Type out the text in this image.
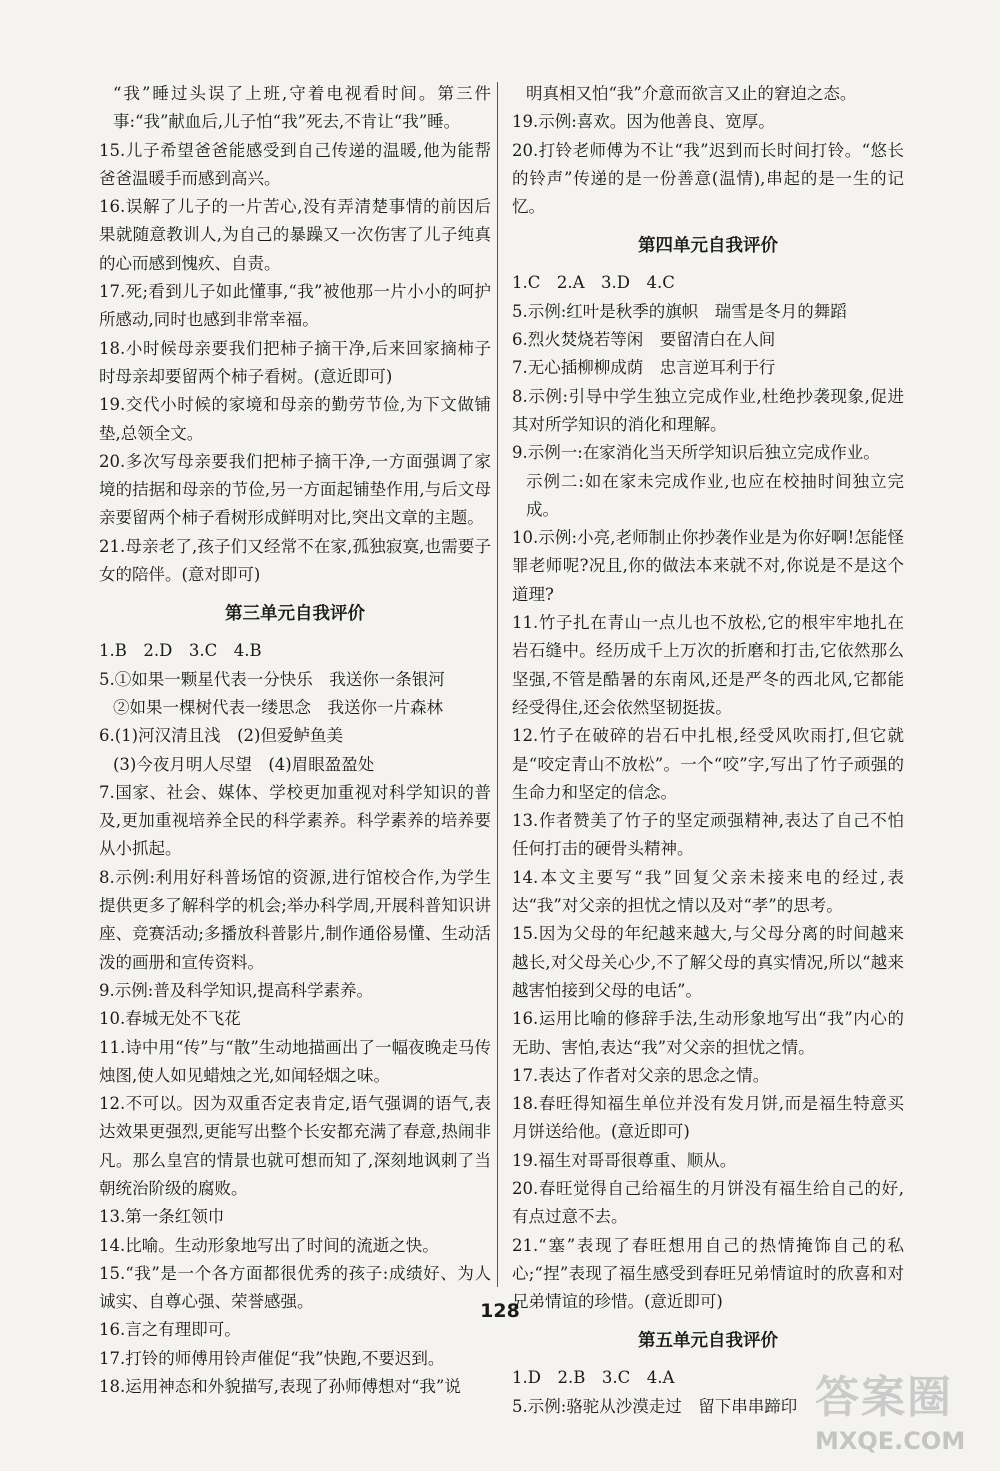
“我”睡过头误了上班,守着电视看时间。第三件事:“我”献血后,儿子怕“我”死去,不肯让“我”睡。

15.儿子希望爸爸能感受到自己传递的温暖,他为能帮爸爸温暖手而感到高兴。

16.误解了儿子的一片苦心,没有弄清楚事情的前因后果就随意教训人,为自己的暴躁又一次伤害了儿子纯真的心而感到愧疚、自责。

17.死;看到儿子如此懂事,“我”被他那一片小小的呵护所感动,同时也感到非常幸福。

18.小时候母亲要我们把柿子摘干净,后来回家摘柿子时母亲却要留两个柿子看树。(意近即可)

19.交代小时候的家境和母亲的勤劳节俭,为下文做铺垫,总领全文。

20.多次写母亲要我们把柿子摘干净,一方面强调了家境的拮据和母亲的节俭,另一方面起铺垫作用,与后文母亲要留两个柿子看树形成鲜明对比,突出文章的主题。

21.母亲老了,孩子们又经常不在家,孤独寂寞,也需要子女的陪伴。(意对即可)

第三单元自我评价

1.B　2.D　3.C　4.B

5.①如果一颗星代表一分快乐　我送你一条银河

②如果一棵树代表一缕思念　我送你一片森林

6.(1)河汉清且浅　(2)但爱鲈鱼美

(3)今夜月明人尽望　(4)眉眼盈盈处

7.国家、社会、媒体、学校更加重视对科学知识的普及,更加重视培养全民的科学素养。科学素养的培养要从小抓起。

8.示例:利用好科普场馆的资源,进行馆校合作,为学生提供更多了解科学的机会;举办科学周,开展科普知识讲座、竞赛活动;多播放科普影片,制作通俗易懂、生动活泼的画册和宣传资料。

9.示例:普及科学知识,提高科学素养。

10.春城无处不飞花

11.诗中用“传”与“散”生动地描画出了一幅夜晚走马传烛图,使人如见蜡烛之光,如闻轻烟之味。

12.不可以。因为双重否定表肯定,语气强调的语气,表达效果更强烈,更能写出整个长安都充满了春意,热闹非凡。那么皇宫的情景也就可想而知了,深刻地讽刺了当朝统治阶级的腐败。

13.第一条红领巾

14.比喻。生动形象地写出了时间的流逝之快。

15.“我”是一个各方面都很优秀的孩子:成绩好、为人诚实、自尊心强、荣誉感强。

16.言之有理即可。

17.打铃的师傅用铃声催促“我”快跑,不要迟到。

18.运用神态和外貌描写,表现了孙师傅想对“我”说

明真相又怕“我”介意而欲言又止的窘迫之态。

19.示例:喜欢。因为他善良、宽厚。

20.打铃老师傅为不让“我”迟到而长时间打铃。“悠长的铃声”传递的是一份善意(温情),串起的是一生的记忆。

第四单元自我评价

1.C　2.A　3.D　4.C

5.示例:红叶是秋季的旗帜　瑞雪是冬月的舞蹈

6.烈火焚烧若等闲　要留清白在人间

7.无心插柳柳成荫　忠言逆耳利于行

8.示例:引导中学生独立完成作业,杜绝抄袭现象,促进其对所学知识的消化和理解。

9.示例一:在家消化当天所学知识后独立完成作业。

示例二:如在家未完成作业,也应在校抽时间独立完成。

10.示例:小亮,老师制止你抄袭作业是为你好啊!怎能怪罪老师呢?况且,你的做法本来就不对,你说是不是这个道理?

11.竹子扎在青山一点儿也不放松,它的根牢牢地扎在岩石缝中。经历成千上万次的折磨和打击,它依然那么坚强,不管是酷暑的东南风,还是严冬的西北风,它都能经受得住,还会依然坚韧挺拔。

12.竹子在破碎的岩石中扎根,经受风吹雨打,但它就是“咬定青山不放松”。一个“咬”字,写出了竹子顽强的生命力和坚定的信念。

13.作者赞美了竹子的坚定顽强精神,表达了自己不怕任何打击的硬骨头精神。

14.本文主要写“我”回复父亲未接来电的经过,表达“我”对父亲的担忧之情以及对“孝”的思考。

15.因为父母的年纪越来越大,与父母分离的时间越来越长,对父母关心少,不了解父母的真实情况,所以“越来越害怕接到父母的电话”。

16.运用比喻的修辞手法,生动形象地写出“我”内心的无助、害怕,表达“我”对父亲的担忧之情。

17.表达了作者对父亲的思念之情。

18.春旺得知福生单位并没有发月饼,而是福生特意买月饼送给他。(意近即可)

19.福生对哥哥很尊重、顺从。

20.春旺觉得自己给福生的月饼没有福生给自己的好,有点过意不去。

21.“塞”表现了春旺想用自己的热情掩饰自己的私心;“捏”表现了福生感受到春旺兄弟情谊时的欣喜和对兄弟情谊的珍惜。(意近即可)

第五单元自我评价

1.D　2.B　3.C　4.A

5.示例:骆驼从沙漠走过　留下串串蹄印

128
答案圈
MXQE.COM
